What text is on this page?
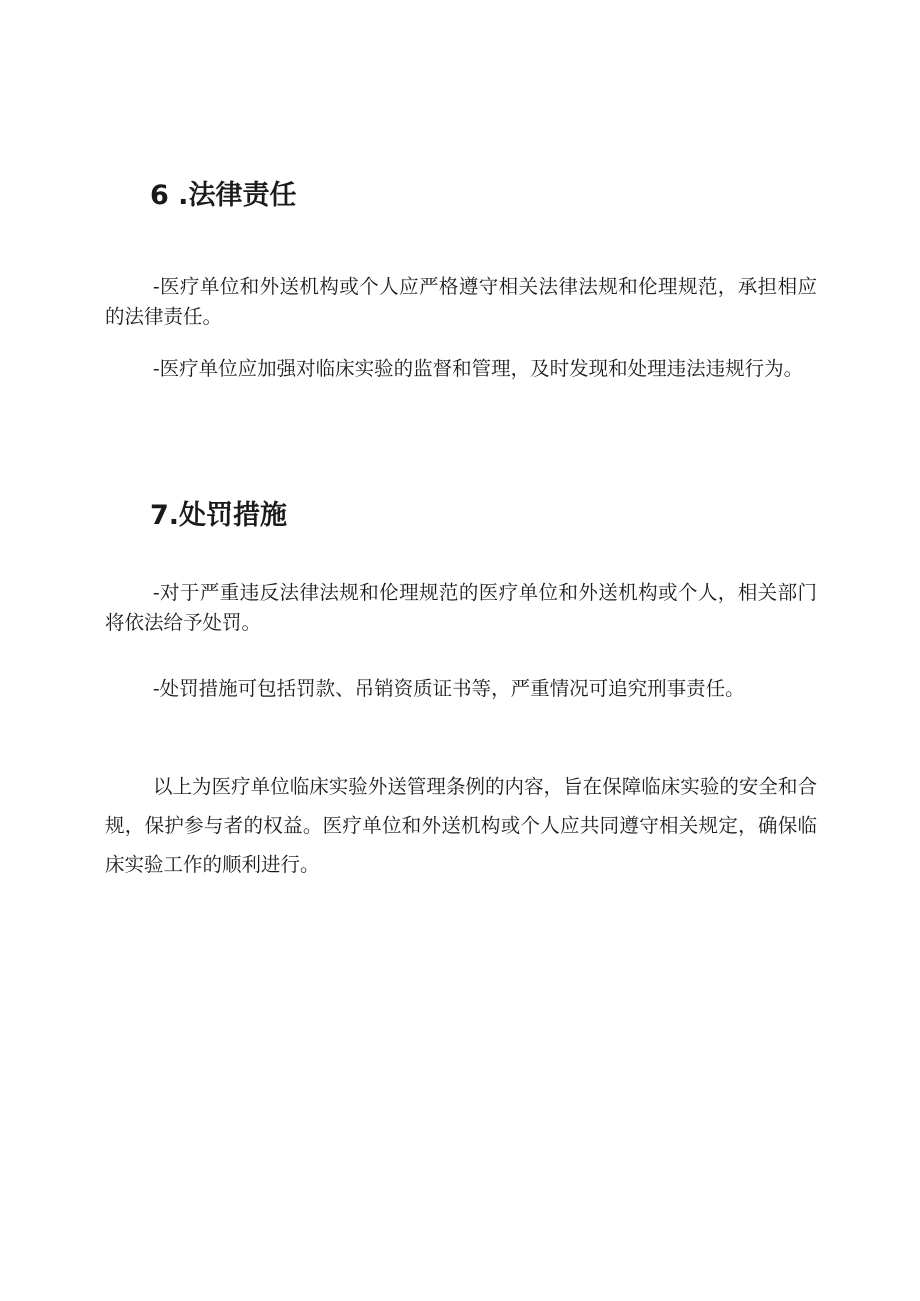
6 .法律责任

-医疗单位和外送机构或个人应严格遵守相关法律法规和伦理规范，承担相应的法律责任。

-医疗单位应加强对临床实验的监督和管理，及时发现和处理违法违规行为。

7.处罚措施

-对于严重违反法律法规和伦理规范的医疗单位和外送机构或个人，相关部门将依法给予处罚。

-处罚措施可包括罚款、吊销资质证书等，严重情况可追究刑事责任。

以上为医疗单位临床实验外送管理条例的内容，旨在保障临床实验的安全和合规，保护参与者的权益。医疗单位和外送机构或个人应共同遵守相关规定，确保临床实验工作的顺利进行。
